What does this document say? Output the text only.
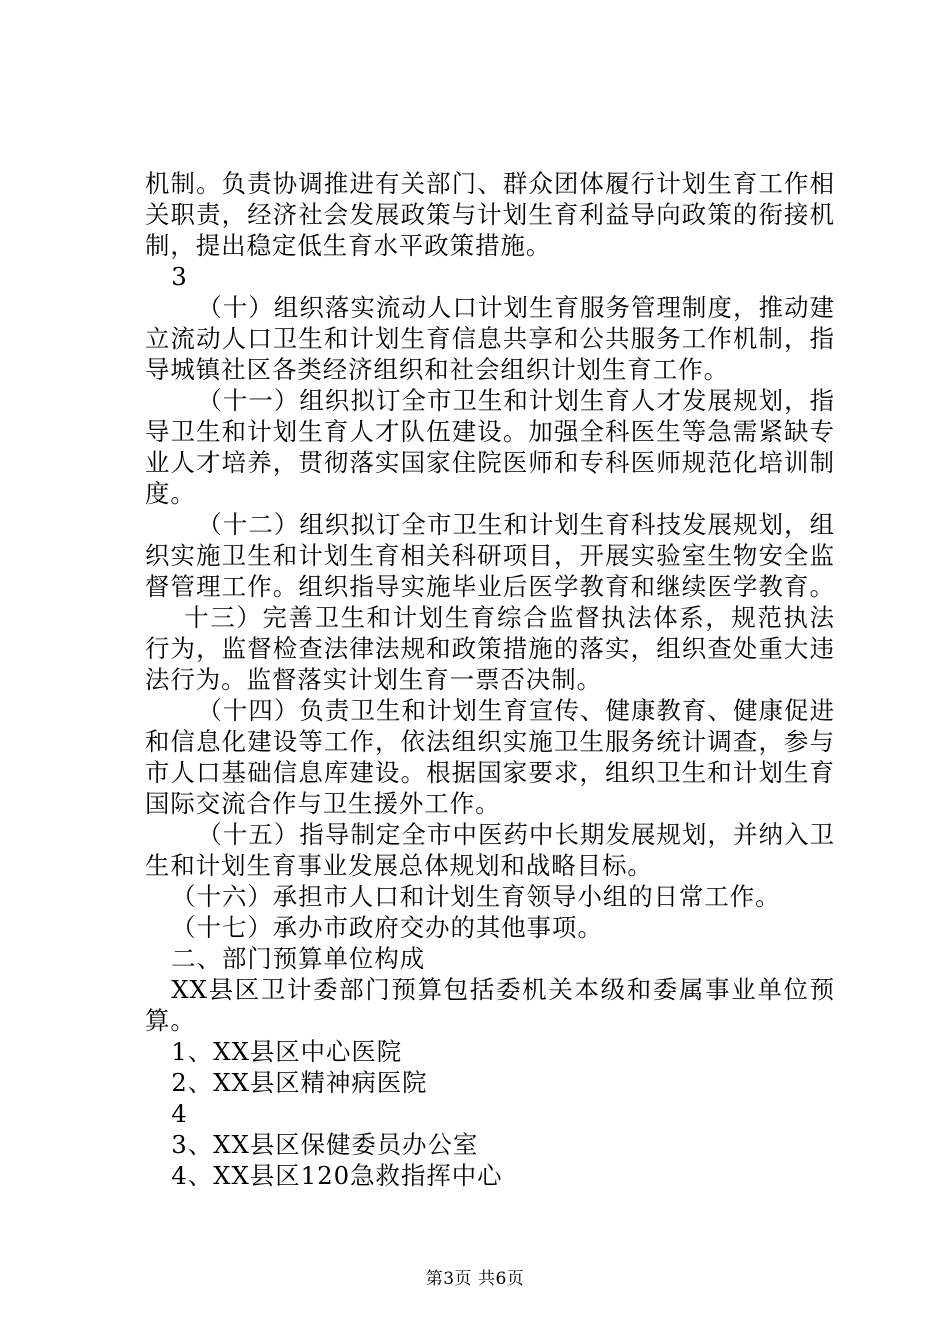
机制。负责协调推进有关部门、群众团体履行计划生育工作相
关职责，经济社会发展政策与计划生育利益导向政策的衔接机
制，提出稳定低生育水平政策措施。
3
（十）组织落实流动人口计划生育服务管理制度，推动建
立流动人口卫生和计划生育信息共享和公共服务工作机制，指
导城镇社区各类经济组织和社会组织计划生育工作。
（十一）组织拟订全市卫生和计划生育人才发展规划，指
导卫生和计划生育人才队伍建设。加强全科医生等急需紧缺专
业人才培养，贯彻落实国家住院医师和专科医师规范化培训制
度。
（十二）组织拟订全市卫生和计划生育科技发展规划，组
织实施卫生和计划生育相关科研项目，开展实验室生物安全监
督管理工作。组织指导实施毕业后医学教育和继续医学教育。
十三）完善卫生和计划生育综合监督执法体系，规范执法
行为，监督检查法律法规和政策措施的落实，组织查处重大违
法行为。监督落实计划生育一票否决制。
（十四）负责卫生和计划生育宣传、健康教育、健康促进
和信息化建设等工作，依法组织实施卫生服务统计调查，参与
市人口基础信息库建设。根据国家要求，组织卫生和计划生育
国际交流合作与卫生援外工作。
（十五）指导制定全市中医药中长期发展规划，并纳入卫
生和计划生育事业发展总体规划和战略目标。
（十六）承担市人口和计划生育领导小组的日常工作。
（十七）承办市政府交办的其他事项。
二、部门预算单位构成
XX县区卫计委部门预算包括委机关本级和委属事业单位预
算。
1、XX县区中心医院
2、XX县区精神病医院
4
3、XX县区保健委员办公室
4、XX县区120急救指挥中心
第3页 共6页
